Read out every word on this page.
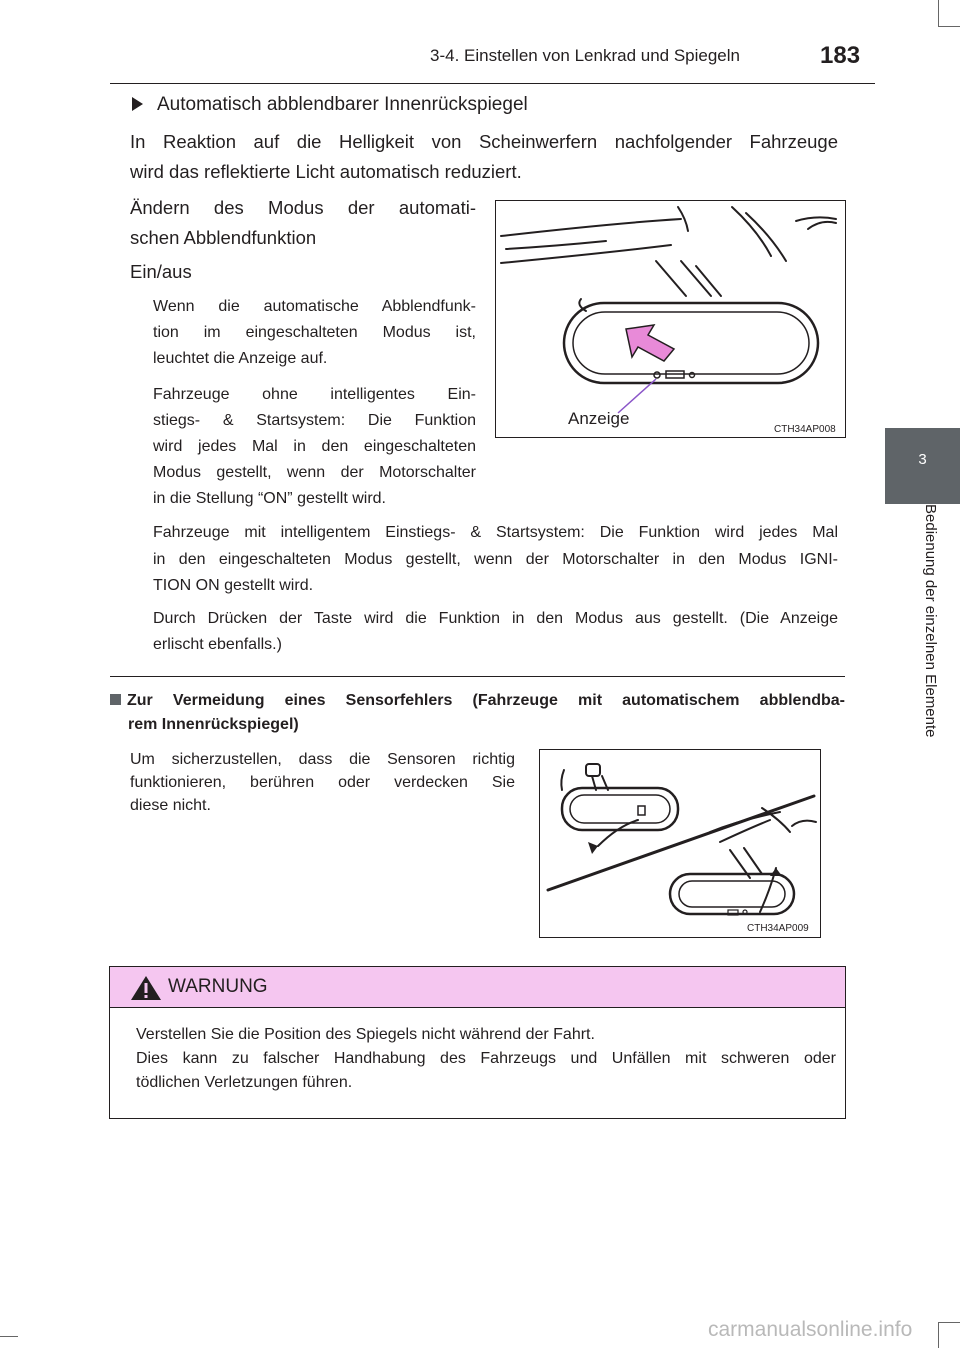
3-4. Einstellen von Lenkrad und Spiegeln	183
3
Bedienung der einzelnen Elemente
Automatisch abblendbarer Innenrückspiegel
In Reaktion auf die Helligkeit von Scheinwerfern nachfolgender Fahrzeuge
wird das reflektierte Licht automatisch reduziert.
Ändern des Modus der automati-
schen Abblendfunktion
Ein/aus
Wenn die automatische Abblendfunk-
tion im eingeschalteten Modus ist,
leuchtet die Anzeige auf.
Fahrzeuge ohne intelligentes Ein-
stiegs- & Startsystem: Die Funktion
wird jedes Mal in den eingeschalteten
Modus gestellt, wenn der Motorschalter
in die Stellung “ON” gestellt wird.
Fahrzeuge mit intelligentem Einstiegs- & Startsystem: Die Funktion wird jedes Mal
in den eingeschalteten Modus gestellt, wenn der Motorschalter in den Modus IGNI-
TION ON gestellt wird.
Durch Drücken der Taste wird die Funktion in den Modus aus gestellt. (Die Anzeige
erlischt ebenfalls.)
Anzeige
CTH34AP008
Zur Vermeidung eines Sensorfehlers (Fahrzeuge mit automatischem abblendba-
rem Innenrückspiegel)
Um sicherzustellen, dass die Sensoren richtig
funktionieren, berühren oder verdecken Sie
diese nicht.
CTH34AP009
WARNUNG
Verstellen Sie die Position des Spiegels nicht während der Fahrt.
Dies kann zu falscher Handhabung des Fahrzeugs und Unfällen mit schweren oder
tödlichen Verletzungen führen.
carmanualsonline.info
